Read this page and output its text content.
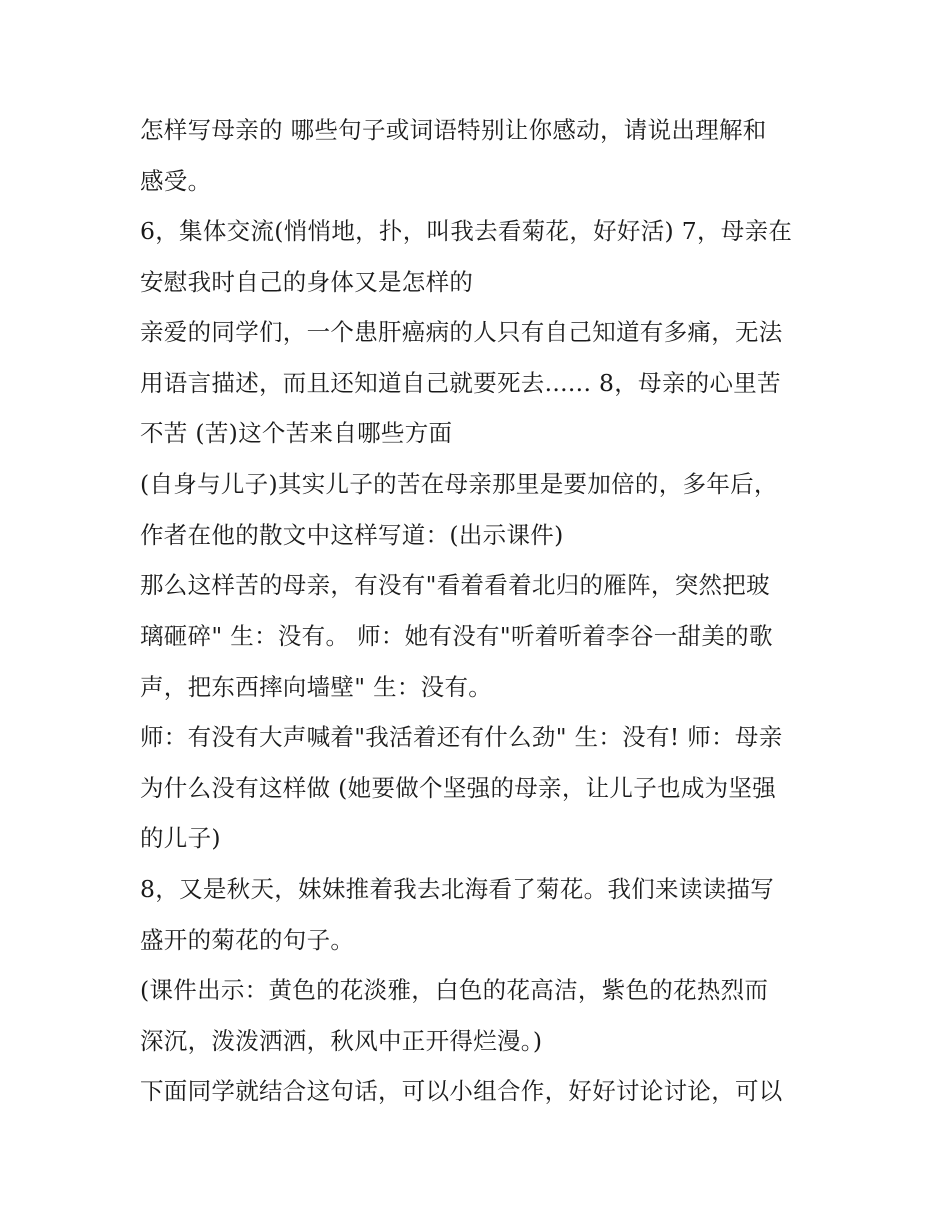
怎样写母亲的 哪些句子或词语特别让你感动，请说出理解和
感受。
6，集体交流(悄悄地，扑，叫我去看菊花，好好活) 7，母亲在
安慰我时自己的身体又是怎样的
亲爱的同学们，一个患肝癌病的人只有自己知道有多痛，无法
用语言描述，而且还知道自己就要死去...... 8，母亲的心里苦
不苦 (苦)这个苦来自哪些方面
(自身与儿子)其实儿子的苦在母亲那里是要加倍的，多年后，
作者在他的散文中这样写道：(出示课件)
那么这样苦的母亲，有没有"看着看着北归的雁阵，突然把玻
璃砸碎" 生：没有。 师：她有没有"听着听着李谷一甜美的歌
声，把东西摔向墙壁" 生：没有。
师：有没有大声喊着"我活着还有什么劲" 生：没有! 师：母亲
为什么没有这样做 (她要做个坚强的母亲，让儿子也成为坚强
的儿子)
8，又是秋天，妹妹推着我去北海看了菊花。我们来读读描写
盛开的菊花的句子。
(课件出示：黄色的花淡雅，白色的花高洁，紫色的花热烈而
深沉，泼泼洒洒，秋风中正开得烂漫。)
下面同学就结合这句话，可以小组合作，好好讨论讨论，可以
